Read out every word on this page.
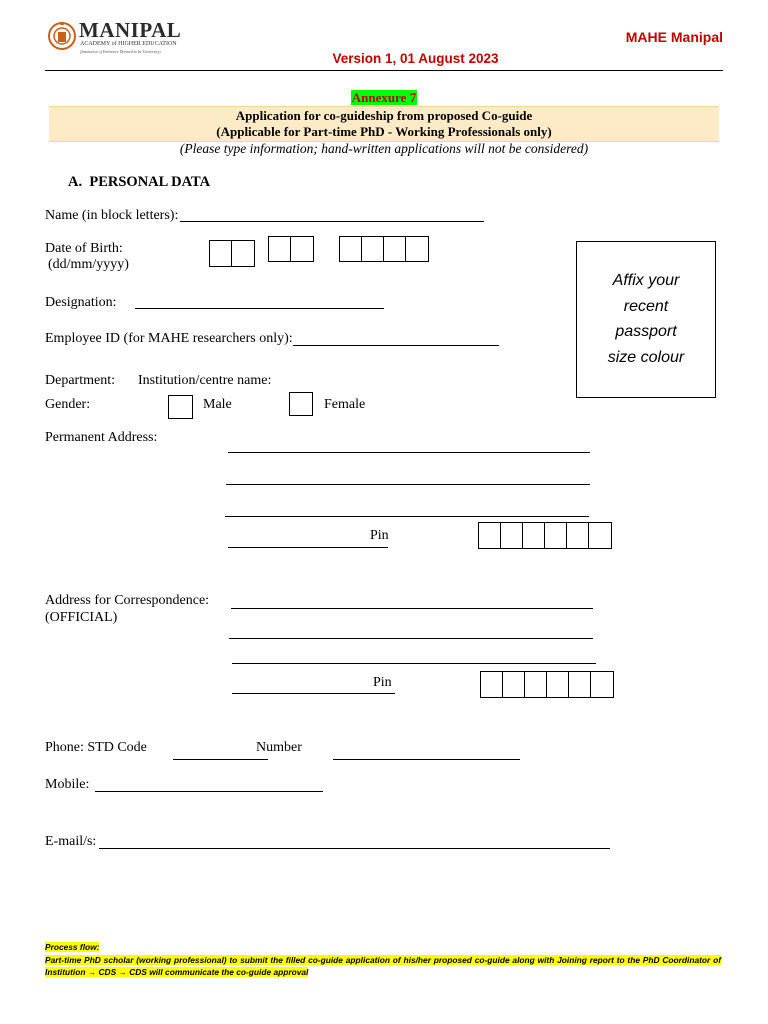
MANIPAL
ACADEMY of HIGHER EDUCATION
(Institution of Eminence Deemed to be University)
MAHE Manipal
Version 1, 01 August 2023
Annexure 7
Application for co-guideship from proposed Co-guide
(Applicable for Part-time PhD - Working Professionals only)
(Please type information; hand-written applications will not be considered)
A.  PERSONAL DATA
Name (in block letters):
Date of Birth:
(dd/mm/yyyy)
Affix your
recent
passport
size colour
Designation:
Employee ID (for MAHE researchers only):
Department: Institution/centre name:
Gender:	Male	Female
Permanent Address:
Pin
Address for Correspondence:
(OFFICIAL)
Pin
Phone: STD Code	Number
Mobile:
E-mail/s:
Process flow:
Part-time PhD scholar (working professional) to submit the filled co-guide application of his/her proposed co-guide along with Joining report to the PhD Coordinator of Institution → CDS → CDS will communicate the co-guide approval
